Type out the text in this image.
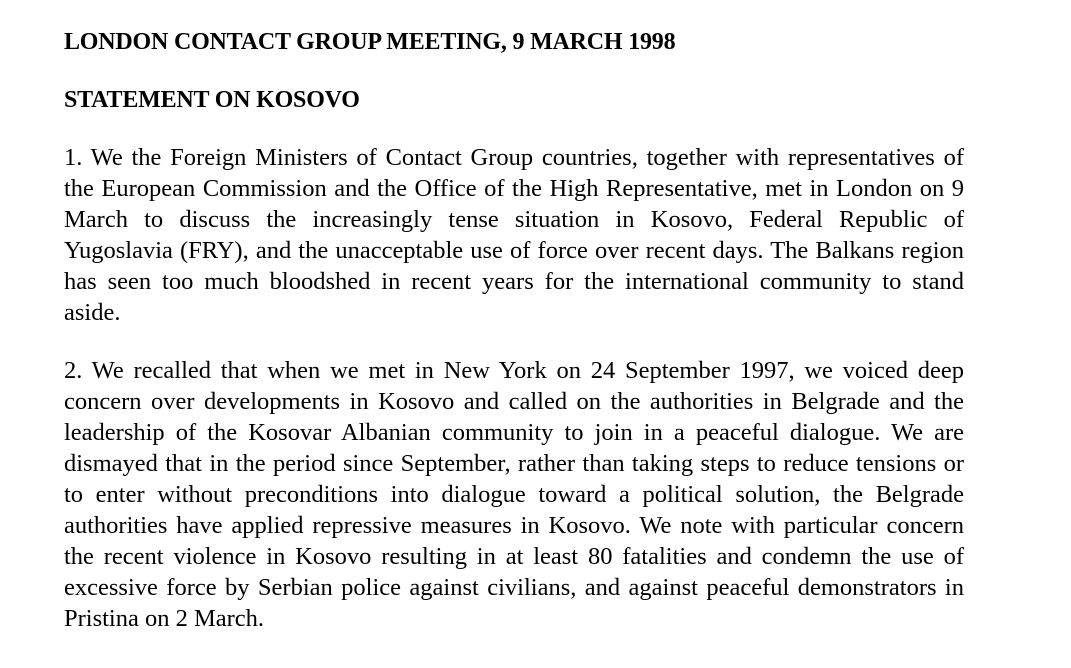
LONDON CONTACT GROUP MEETING, 9 MARCH 1998
STATEMENT ON KOSOVO

1. We the Foreign Ministers of Contact Group countries, together with representatives of the European Commission and the Office of the High Representative, met in London on 9 March to discuss the increasingly tense situation in Kosovo, Federal Republic of Yugoslavia (FRY), and the unacceptable use of force over recent days. The Balkans region has seen too much bloodshed in recent years for the international community to stand aside.

2. We recalled that when we met in New York on 24 September 1997, we voiced deep concern over developments in Kosovo and called on the authorities in Belgrade and the leadership of the Kosovar Albanian community to join in a peaceful dialogue. We are dismayed that in the period since September, rather than taking steps to reduce tensions or to enter without preconditions into dialogue toward a political solution, the Belgrade authorities have applied repressive measures in Kosovo. We note with particular concern the recent violence in Kosovo resulting in at least 80 fatalities and condemn the use of excessive force by Serbian police against civilians, and against peaceful demonstrators in Pristina on 2 March.
